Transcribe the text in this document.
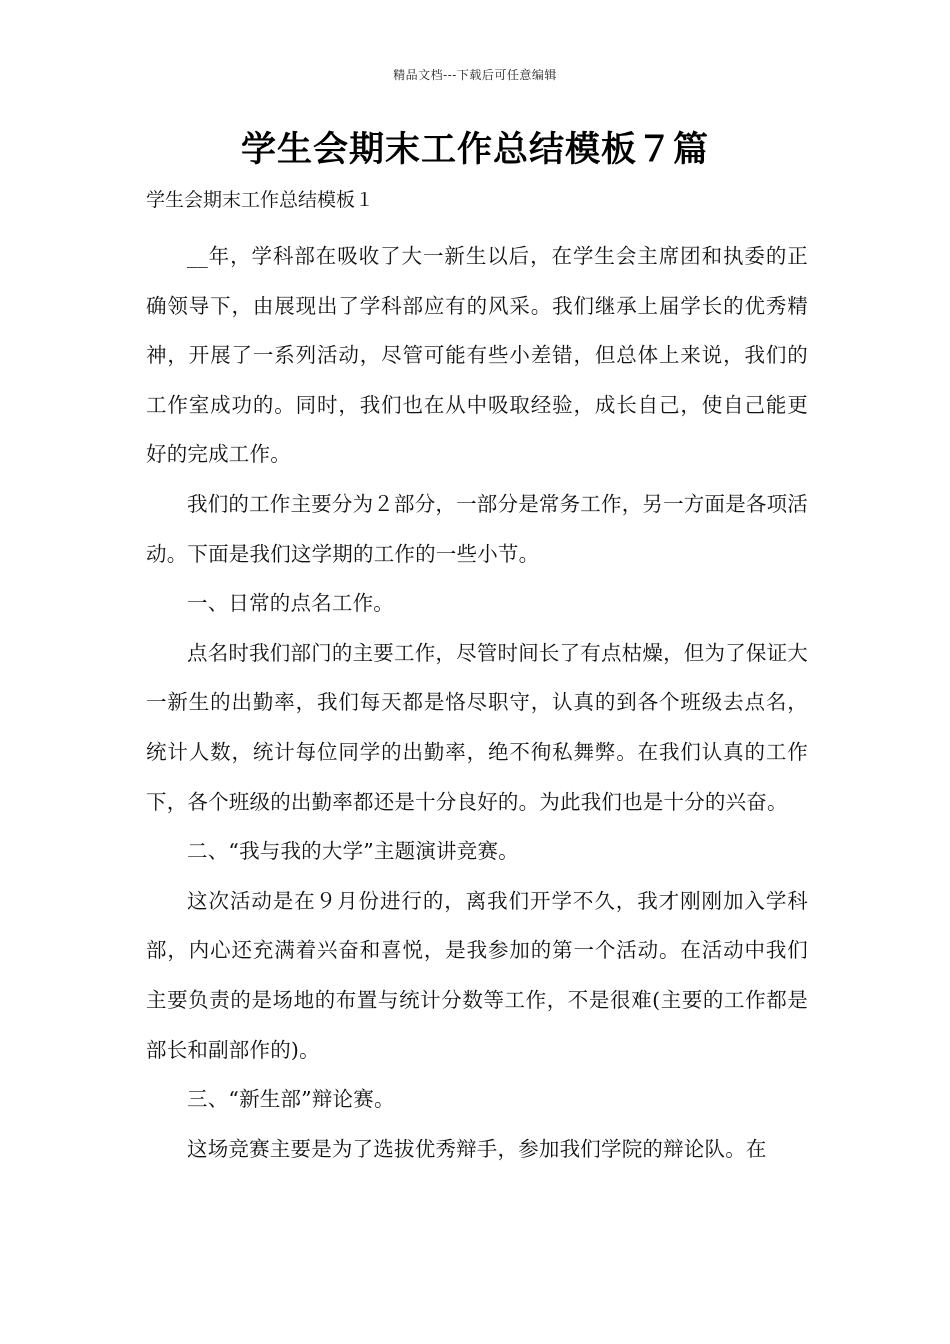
精品文档---下载后可任意编辑
学生会期末工作总结模板７篇

学生会期末工作总结模板１

__年，学科部在吸收了大一新生以后，在学生会主席团和执委的正确领导下，由展现出了学科部应有的风采。我们继承上届学长的优秀精神，开展了一系列活动，尽管可能有些小差错，但总体上来说，我们的工作室成功的。同时，我们也在从中吸取经验，成长自己，使自己能更好的完成工作。

我们的工作主要分为２部分，一部分是常务工作，另一方面是各项活动。下面是我们这学期的工作的一些小节。

一、日常的点名工作。

点名时我们部门的主要工作，尽管时间长了有点枯燥，但为了保证大一新生的出勤率，我们每天都是恪尽职守，认真的到各个班级去点名，统计人数，统计每位同学的出勤率，绝不徇私舞弊。在我们认真的工作下，各个班级的出勤率都还是十分良好的。为此我们也是十分的兴奋。

二、“我与我的大学”主题演讲竞赛。

这次活动是在９月份进行的，离我们开学不久，我才刚刚加入学科部，内心还充满着兴奋和喜悦，是我参加的第一个活动。在活动中我们主要负责的是场地的布置与统计分数等工作，不是很难(主要的工作都是部长和副部作的)。

三、“新生部”辩论赛。

这场竞赛主要是为了选拔优秀辩手，参加我们学院的辩论队。在
